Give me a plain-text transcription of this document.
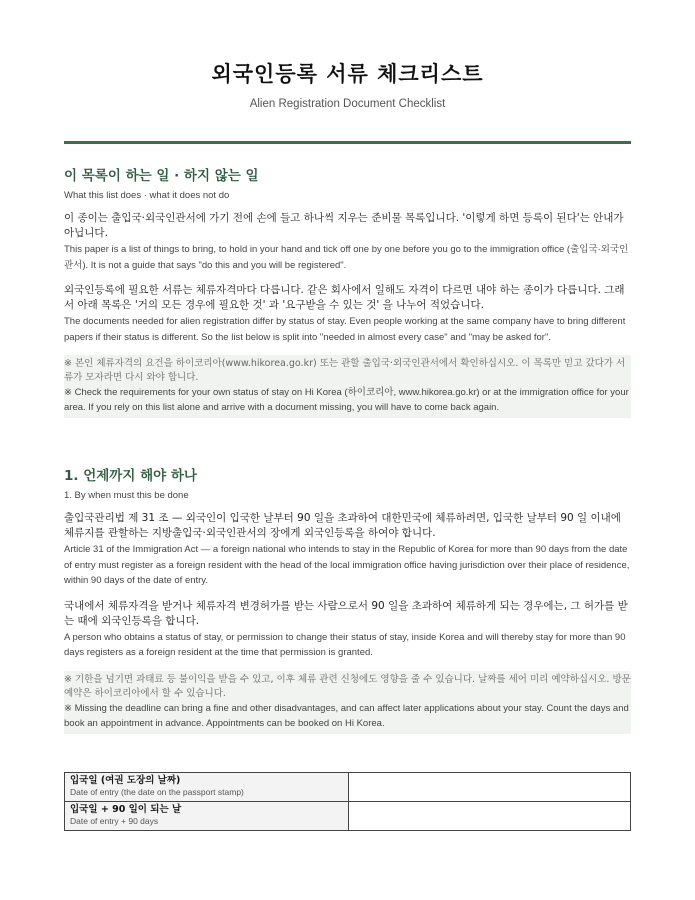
외국인등록 서류 체크리스트
Alien Registration Document Checklist
이 목록이 하는 일 · 하지 않는 일
What this list does · what it does not do

이 종이는 출입국·외국인관서에 가기 전에 손에 들고 하나씩 지우는 준비물 목록입니다. '이렇게 하면 등록이 된다'는 안내가 아닙니다.

This paper is a list of things to bring, to hold in your hand and tick off one by one before you go to the immigration office (출입국·외국인관서). It is not a guide that says "do this and you will be registered".

외국인등록에 필요한 서류는 체류자격마다 다릅니다. 같은 회사에서 일해도 자격이 다르면 내야 하는 종이가 다릅니다. 그래서 아래 목록은 '거의 모든 경우에 필요한 것' 과 '요구받을 수 있는 것' 을 나누어 적었습니다.

The documents needed for alien registration differ by status of stay. Even people working at the same company have to bring different papers if their status is different. So the list below is split into "needed in almost every case" and "may be asked for".

※ 본인 체류자격의 요건을 하이코리아(www.hikorea.go.kr) 또는 관할 출입국·외국인관서에서 확인하십시오. 이 목록만 믿고 갔다가 서류가 모자라면 다시 와야 합니다.

※ Check the requirements for your own status of stay on Hi Korea (하이코리아, www.hikorea.go.kr) or at the immigration office for your area. If you rely on this list alone and arrive with a document missing, you will have to come back again.

1. 언제까지 해야 하나
1. By when must this be done

출입국관리법 제 31 조 — 외국인이 입국한 날부터 90 일을 초과하여 대한민국에 체류하려면, 입국한 날부터 90 일 이내에 체류지를 관할하는 지방출입국·외국인관서의 장에게 외국인등록을 하여야 합니다.

Article 31 of the Immigration Act — a foreign national who intends to stay in the Republic of Korea for more than 90 days from the date of entry must register as a foreign resident with the head of the local immigration office having jurisdiction over their place of residence, within 90 days of the date of entry.

국내에서 체류자격을 받거나 체류자격 변경허가를 받는 사람으로서 90 일을 초과하여 체류하게 되는 경우에는, 그 허가를 받는 때에 외국인등록을 합니다.

A person who obtains a status of stay, or permission to change their status of stay, inside Korea and will thereby stay for more than 90 days registers as a foreign resident at the time that permission is granted.

※ 기한을 넘기면 과태료 등 불이익을 받을 수 있고, 이후 체류 관련 신청에도 영향을 줄 수 있습니다. 날짜를 세어 미리 예약하십시오. 방문 예약은 하이코리아에서 할 수 있습니다.

※ Missing the deadline can bring a fine and other disadvantages, and can affect later applications about your stay. Count the days and book an appointment in advance. Appointments can be booked on Hi Korea.

입국일 (여권 도장의 날짜)
Date of entry (the date on the passport stamp)	

입국일 + 90 일이 되는 날
Date of entry + 90 days	
